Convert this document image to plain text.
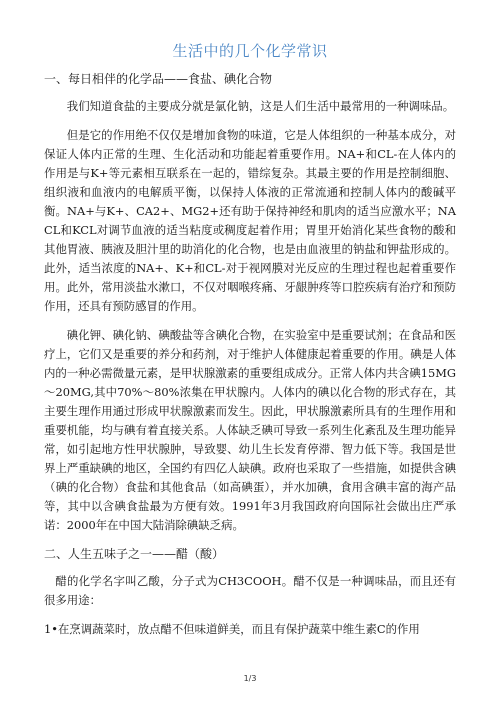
生活中的几个化学常识
一、每日相伴的化学品——食盐、碘化合物

我们知道食盐的主要成分就是氯化钠，这是人们生活中最常用的一种调味品。

但是它的作用绝不仅仅是增加食物的味道，它是人体组织的一种基本成分，对保证人体内正常的生理、生化活动和功能起着重要作用。NA+和CL-在人体内的作用是与K+等元素相互联系在一起的，错综复杂。其最主要的作用是控制细胞、组织液和血液内的电解质平衡，以保持人体液的正常流通和控制人体内的酸碱平衡。NA+与K+、CA2+、MG2+还有助于保持神经和肌肉的适当应激水平；NACL和KCL对调节血液的适当粘度或稠度起着作用；胃里开始消化某些食物的酸和其他胃液、胰液及胆汁里的助消化的化合物，也是由血液里的钠盐和钾盐形成的。此外，适当浓度的NA+、K+和CL-对于视网膜对光反应的生理过程也起着重要作用。此外，常用淡盐水漱口，不仅对咽喉疼痛、牙龈肿疼等口腔疾病有治疗和预防作用，还具有预防感冒的作用。

碘化钾、碘化钠、碘酸盐等含碘化合物，在实验室中是重要试剂；在食品和医疗上，它们又是重要的养分和药剂，对于维护人体健康起着重要的作用。碘是人体内的一种必需微量元素，是甲状腺激素的重要组成成分。正常人体内共含碘15MG～20MG,其中70%～80%浓集在甲状腺内。人体内的碘以化合物的形式存在，其主要生理作用通过形成甲状腺激素而发生。因此，甲状腺激素所具有的生理作用和重要机能，均与碘有着直接关系。人体缺乏碘可导致一系列生化紊乱及生理功能异常，如引起地方性甲状腺肿，导致婴、幼儿生长发育停滞、智力低下等。我国是世界上严重缺碘的地区，全国约有四亿人缺碘。政府也采取了一些措施，如提供含碘（碘的化合物）食盐和其他食品（如高碘蛋），并水加碘，食用含碘丰富的海产品等，其中以含碘食盐最为方便有效。1991年3月我国政府向国际社会做出庄严承诺：2000年在中国大陆消除碘缺乏病。

二、人生五味子之一——醋（酸）

醋的化学名字叫乙酸，分子式为CH3COOH。醋不仅是一种调味品，而且还有很多用途：

1•在烹调蔬菜时，放点醋不但味道鲜美，而且有保护蔬菜中维生素C的作用

1/3
